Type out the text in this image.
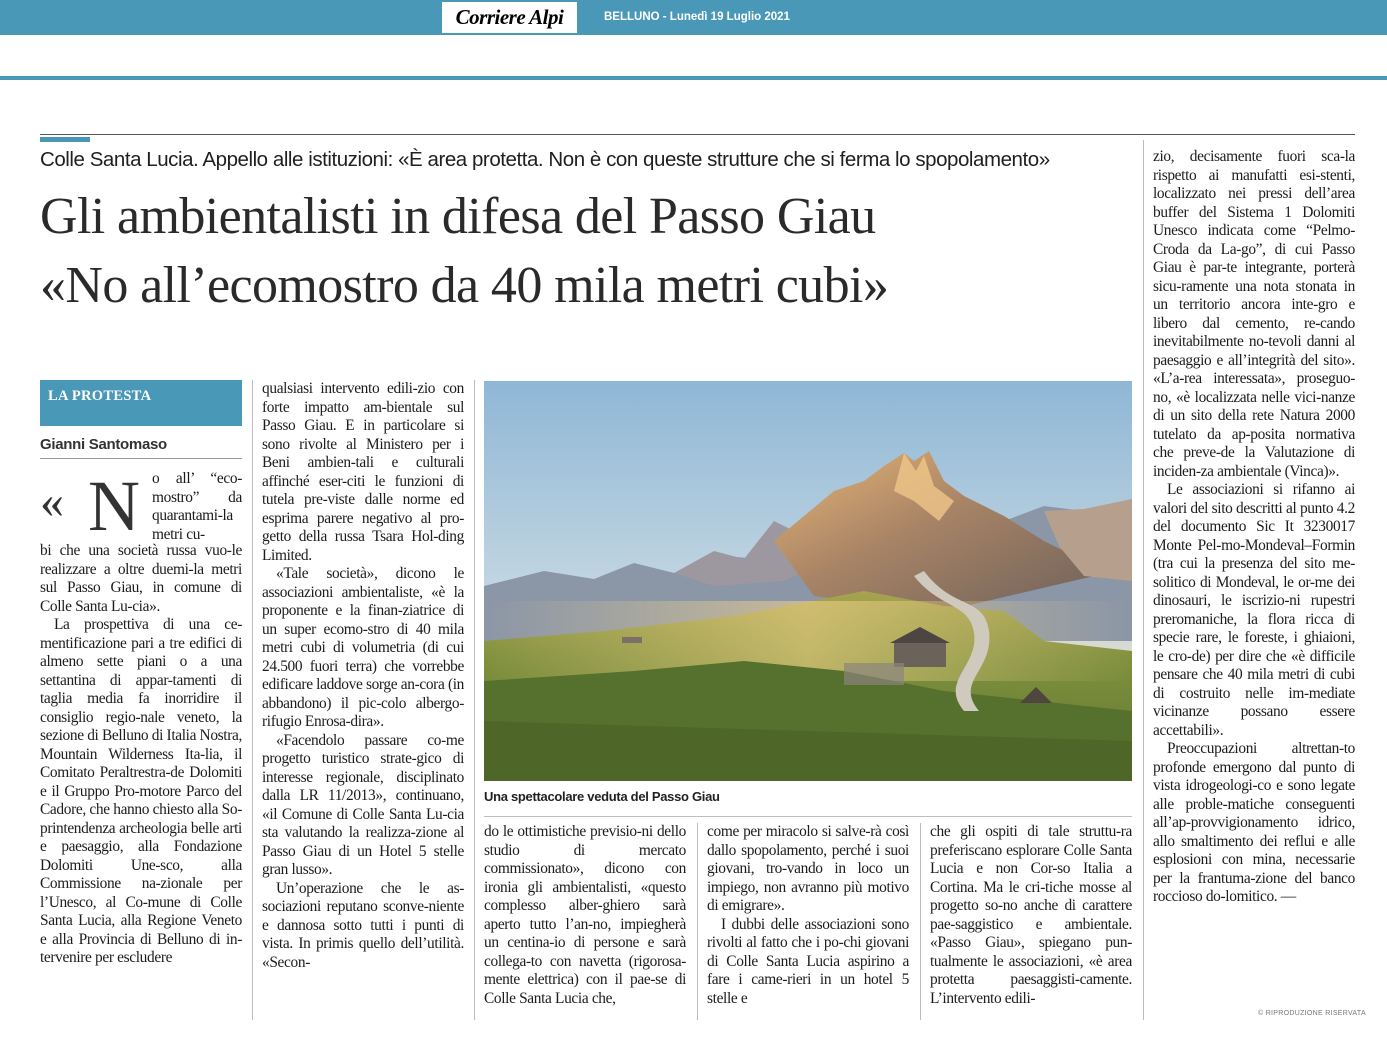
Corriere Alpi	BELLUNO - Lunedì 19 Luglio 2021
Colle Santa Lucia. Appello alle istituzioni: «È area protetta. Non è con queste strutture che si ferma lo spopolamento»
Gli ambientalisti in difesa del Passo Giau
«No all’ecomostro da 40 mila metri cubi»
LA PROTESTA
Gianni Santomaso
« N o all’ “eco-mostro” da quarantami-la metri cu-

bi che una società russa vuo-le realizzare a oltre duemi-la metri sul Passo Giau, in comune di Colle Santa Lu-cia».

La prospettiva di una ce-mentificazione pari a tre edifici di almeno sette piani o a una settantina di appar-tamenti di taglia media fa inorridire il consiglio regio-nale veneto, la sezione di Belluno di Italia Nostra, Mountain Wilderness Ita-lia, il Comitato Peraltrestra-de Dolomiti e il Gruppo Pro-motore Parco del Cadore, che hanno chiesto alla So-printendenza archeologia belle arti e paesaggio, alla Fondazione Dolomiti Une-sco, alla Commissione na-zionale per l’Unesco, al Co-mune di Colle Santa Lucia, alla Regione Veneto e alla Provincia di Belluno di in-tervenire per escludere

qualsiasi intervento edili-zio con forte impatto am-bientale sul Passo Giau. E in particolare si sono rivolte al Ministero per i Beni ambien-tali e culturali affinché eser-citi le funzioni di tutela pre-viste dalle norme ed esprima parere negativo al pro-getto della russa Tsara Hol-ding Limited.

«Tale società», dicono le associazioni ambientaliste, «è la proponente e la finan-ziatrice di un super ecomo-stro di 40 mila metri cubi di volumetria (di cui 24.500 fuori terra) che vorrebbe edificare laddove sorge an-cora (in abbandono) il pic-colo albergo-rifugio Enrosa-dira».

«Facendolo passare co-me progetto turistico strate-gico di interesse regionale, disciplinato dalla LR 11/2013», continuano, «il Comune di Colle Santa Lu-cia sta valutando la realizza-zione al Passo Giau di un Hotel 5 stelle gran lusso».

Un’operazione che le as-sociazioni reputano sconve-niente e dannosa sotto tutti i punti di vista. In primis quello dell’utilità. «Secon-

Una spettacolare veduta del Passo Giau

do le ottimistiche previsio-ni dello studio di mercato commissionato», dicono con ironia gli ambientalisti, «questo complesso alber-ghiero sarà aperto tutto l’an-no, impiegherà un centina-io di persone e sarà collega-to con navetta (rigorosa-mente elettrica) con il pae-se di Colle Santa Lucia che,

come per miracolo si salve-rà così dallo spopolamento, perché i suoi giovani, tro-vando in loco un impiego, non avranno più motivo di emigrare».

I dubbi delle associazioni sono rivolti al fatto che i po-chi giovani di Colle Santa Lucia aspirino a fare i came-rieri in un hotel 5 stelle e

che gli ospiti di tale struttu-ra preferiscano esplorare Colle Santa Lucia e non Cor-so Italia a Cortina. Ma le cri-tiche mosse al progetto so-no anche di carattere pae-saggistico e ambientale. «Passo Giau», spiegano pun-tualmente le associazioni, «è area protetta paesaggisti-camente. L’intervento edili-

zio, decisamente fuori sca-la rispetto ai manufatti esi-stenti, localizzato nei pressi dell’area buffer del Sistema 1 Dolomiti Unesco indicata come “Pelmo-Croda da La-go”, di cui Passo Giau è par-te integrante, porterà sicu-ramente una nota stonata in un territorio ancora inte-gro e libero dal cemento, re-cando inevitabilmente no-tevoli danni al paesaggio e all’integrità del sito». «L’a-rea interessata», proseguo-no, «è localizzata nelle vici-nanze di un sito della rete Natura 2000 tutelato da ap-posita normativa che preve-de la Valutazione di inciden-za ambientale (Vinca)».

Le associazioni si rifanno ai valori del sito descritti al punto 4.2 del documento Sic It 3230017 Monte Pel-mo-Mondeval–Formin (tra cui la presenza del sito me-solitico di Mondeval, le or-me dei dinosauri, le iscrizio-ni rupestri preromaniche, la flora ricca di specie rare, le foreste, i ghiaioni, le cro-de) per dire che «è difficile pensare che 40 mila metri di cubi di costruito nelle im-mediate vicinanze possano essere accettabili».

Preoccupazioni altrettan-to profonde emergono dal punto di vista idrogeologi-co e sono legate alle proble-matiche conseguenti all’ap-provvigionamento idrico, allo smaltimento dei reflui e alle esplosioni con mina, necessarie per la frantuma-zione del banco roccioso do-lomitico. —

© RIPRODUZIONE RISERVATA
